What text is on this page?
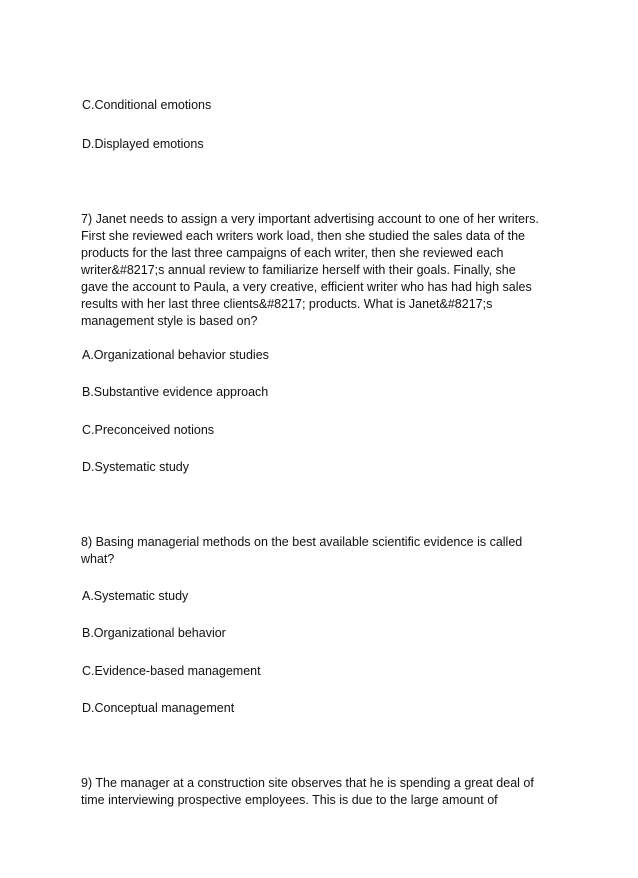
C.Conditional emotions
D.Displayed emotions
7) Janet needs to assign a very important advertising account to one of her writers.
First she reviewed each writers work load, then she studied the sales data of the
products for the last three campaigns of each writer, then she reviewed each
writer&#8217;s annual review to familiarize herself with their goals. Finally, she
gave the account to Paula, a very creative, efficient writer who has had high sales
results with her last three clients&#8217; products. What is Janet&#8217;s
management style is based on?
A.Organizational behavior studies
B.Substantive evidence approach
C.Preconceived notions
D.Systematic study
8) Basing managerial methods on the best available scientific evidence is called
what?
A.Systematic study
B.Organizational behavior
C.Evidence-based management
D.Conceptual management
9) The manager at a construction site observes that he is spending a great deal of
time interviewing prospective employees. This is due to the large amount of
